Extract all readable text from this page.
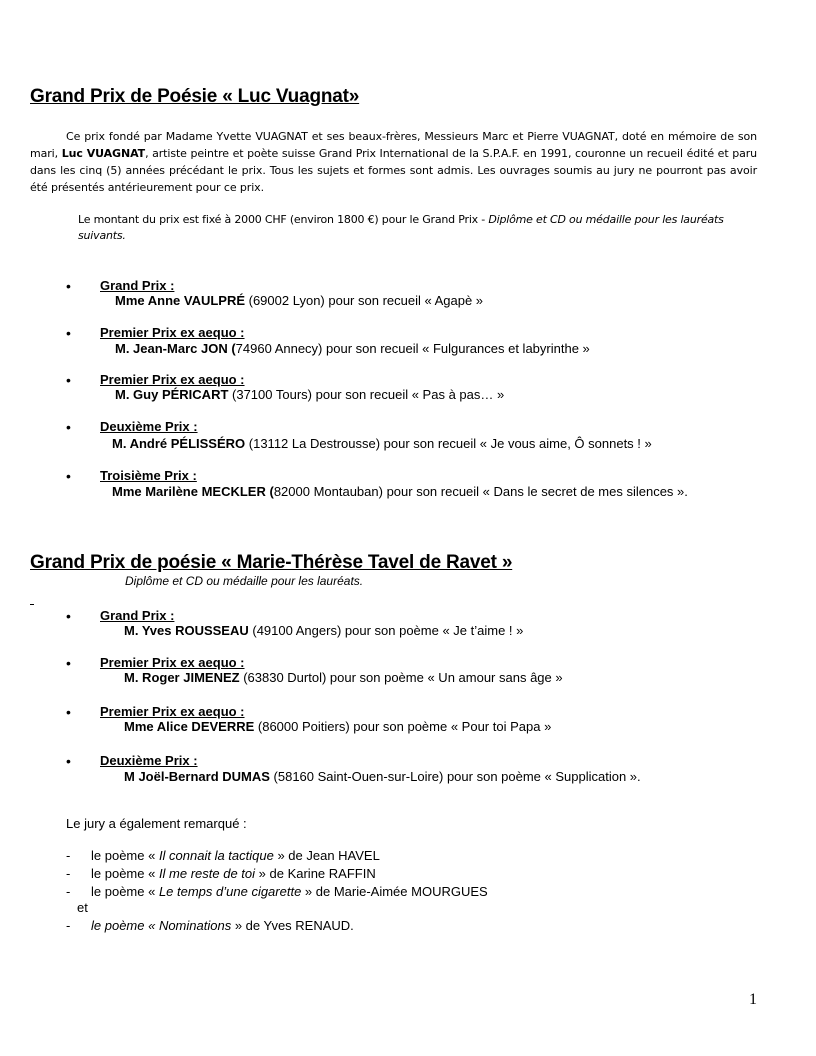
Grand Prix de Poésie « Luc Vuagnat»
Ce prix fondé par Madame Yvette VUAGNAT et ses beaux-frères, Messieurs Marc et Pierre VUAGNAT, doté en mémoire de son mari, Luc VUAGNAT, artiste peintre et poète suisse Grand Prix International de la S.P.A.F. en 1991, couronne un recueil édité et paru dans les cinq (5) années précédant le prix. Tous les sujets et formes sont admis. Les ouvrages soumis au jury ne pourront pas avoir été présentés antérieurement pour ce prix.
Le montant du prix est fixé à 2000 CHF (environ 1800 €) pour le Grand Prix - Diplôme et CD ou médaille pour les lauréats suivants.
• Grand Prix :
Mme Anne VAULPRÉ (69002 Lyon) pour son recueil « Agapè »
• Premier Prix ex aequo :
M. Jean-Marc JON (74960 Annecy) pour son recueil « Fulgurances et labyrinthe »
• Premier Prix ex aequo :
M. Guy PÉRICART (37100 Tours) pour son recueil « Pas à pas… »
• Deuxième Prix :
M. André PÉLISSÉRO (13112 La Destrousse) pour son recueil « Je vous aime, Ô sonnets ! »
• Troisième Prix :
Mme Marilène MECKLER (82000 Montauban) pour son recueil « Dans le secret de mes silences ».
Grand Prix de poésie « Marie-Thérèse Tavel de Ravet »
Diplôme et CD ou médaille pour les lauréats.
• Grand Prix :
M. Yves ROUSSEAU (49100 Angers) pour son poème « Je t’aime ! »
• Premier Prix ex aequo :
M. Roger JIMENEZ (63830 Durtol) pour son poème « Un amour sans âge »
• Premier Prix ex aequo :
Mme Alice DEVERRE (86000 Poitiers) pour son poème « Pour toi Papa »
• Deuxième Prix :
M Joël-Bernard DUMAS (58160 Saint-Ouen-sur-Loire) pour son poème « Supplication ».
Le jury a également remarqué :
- le poème « Il connait la tactique » de Jean HAVEL
- le poème « Il me reste de toi » de Karine RAFFIN
- le poème « Le temps d’une cigarette » de Marie-Aimée MOURGUES
et
- le poème « Nominations » de Yves RENAUD.
1
